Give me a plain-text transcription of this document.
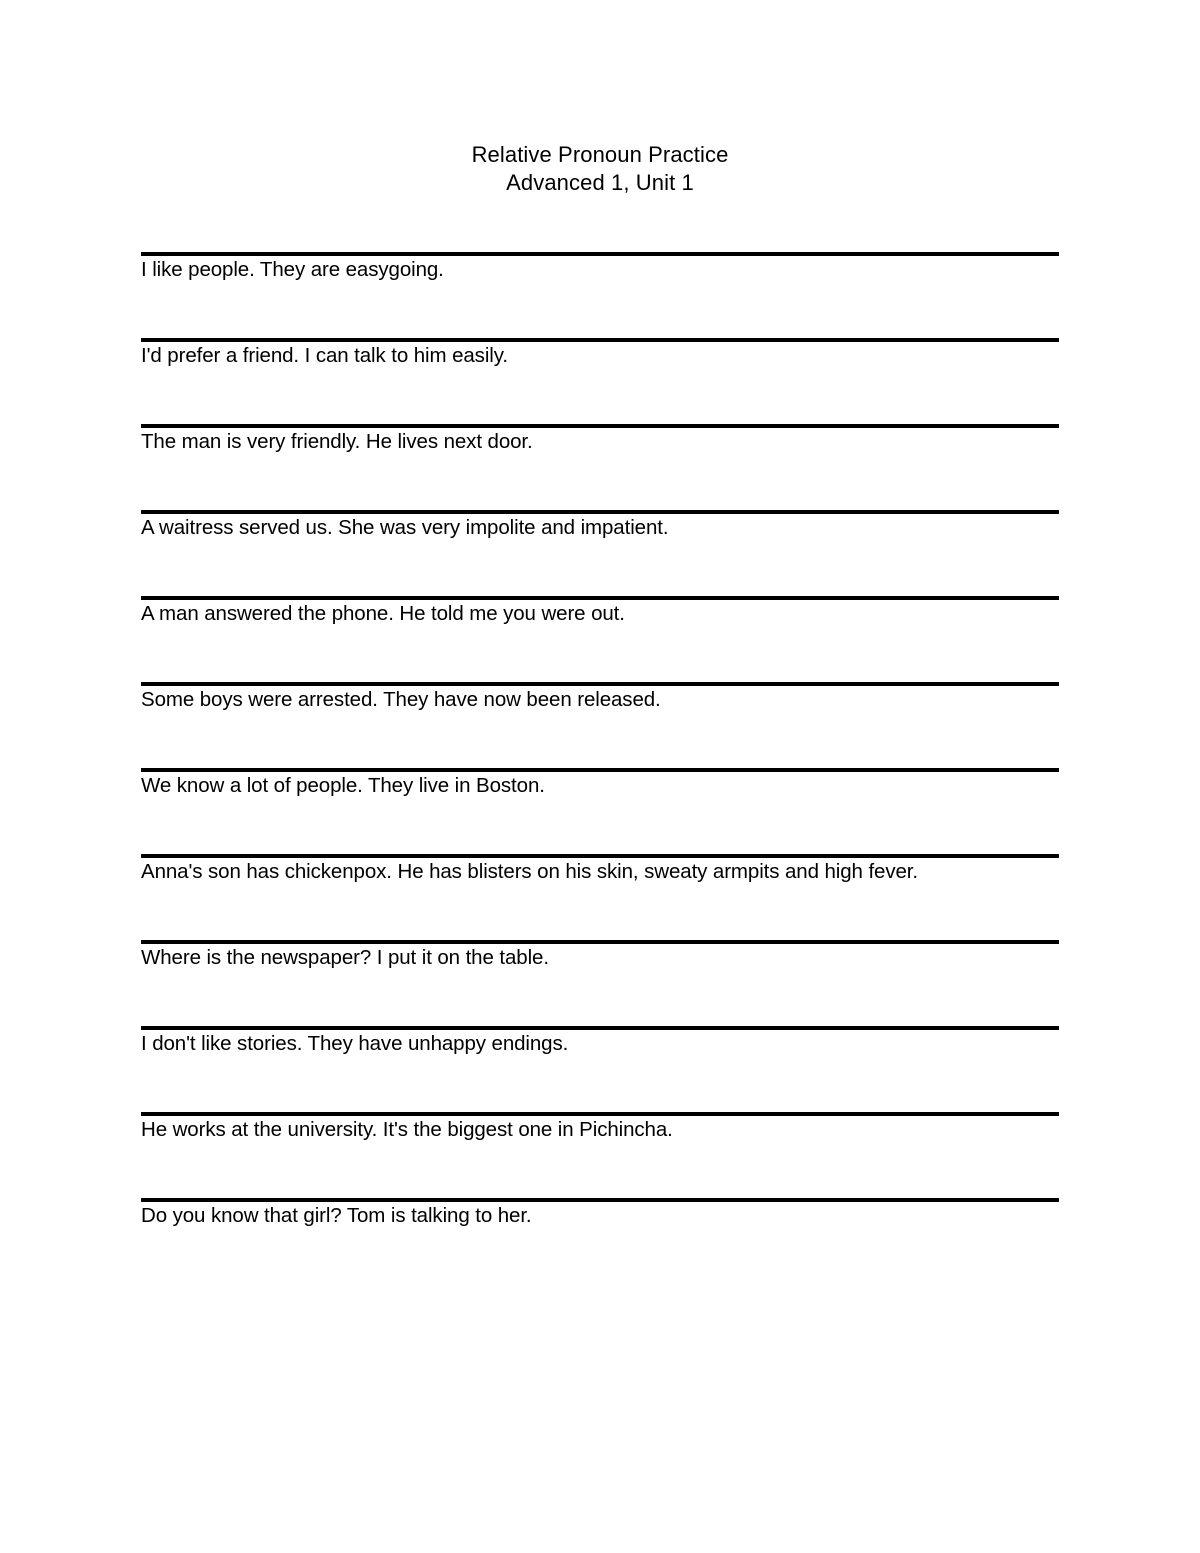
Relative Pronoun Practice
Advanced 1, Unit 1
I like people. They are easygoing.
I'd prefer a friend. I can talk to him easily.
The man is very friendly. He lives next door.
A waitress served us. She was very impolite and impatient.
A man answered the phone. He told me you were out.
Some boys were arrested. They have now been released.
We know a lot of people. They live in Boston.
Anna's son has chickenpox. He has blisters on his skin, sweaty armpits and high fever.
Where is the newspaper? I put it on the table.
I don't like stories. They have unhappy endings.
He works at the university. It's the biggest one in Pichincha.
Do you know that girl? Tom is talking to her.
